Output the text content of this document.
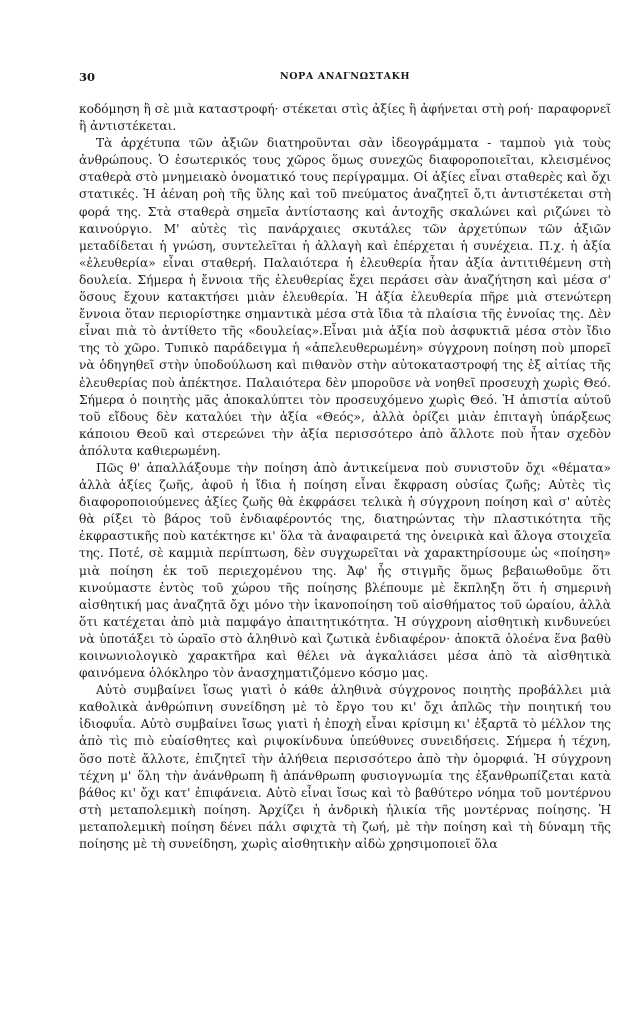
30	ΝΟΡΑ ΑΝΑΓΝΩΣΤΑΚΗ

κοδόμηση ἢ σὲ μιὰ καταστροφή· στέκεται στὶς ἀξίες ἢ ἀφήνεται στὴ ροή· παραφορνεῖ ἢ ἀντιστέκεται.

Τὰ ἀρχέτυπα τῶν ἀξιῶν διατηροῦνται σὰν ἰδεογράμματα - ταμποὺ γιὰ τοὺς ἀνθρώπους. Ὁ ἐσωτερικός τους χῶρος ὅμως συνεχῶς διαφοροποιεῖται, κλεισμένος σταθερὰ στὸ μνημειακὸ ὀνοματικό τους περίγραμμα. Οἱ ἀξίες εἶναι σταθερὲς καὶ ὄχι στατικές. Ἡ ἀέναη ροὴ τῆς ὕλης καὶ τοῦ πνεύματος ἀναζητεῖ ὅ,τι ἀντιστέκεται στὴ φορά της. Στὰ σταθερὰ σημεῖα ἀντίστασης καὶ ἀντοχῆς σκαλώνει καὶ ριζώνει τὸ καινούργιο. Μ' αὐτὲς τὶς πανάρχαιες σκυτάλες τῶν ἀρχετύπων τῶν ἀξιῶν μεταδίδεται ἡ γνώση, συντελεῖται ἡ ἀλλαγὴ καὶ ἐπέρχεται ἡ συνέχεια. Π.χ. ἡ ἀξία «ἐλευθερία» εἶναι σταθερή. Παλαιότερα ἡ ἐλευθερία ἦταν ἀξία ἀντιτιθέμενη στὴ δουλεία. Σήμερα ἡ ἔννοια τῆς ἐλευθερίας ἔχει περάσει σὰν ἀναζήτηση καὶ μέσα σ' ὅσους ἔχουν κατακτήσει μιὰν ἐλευθερία. Ἡ ἀξία ἐλευθερία πῆρε μιὰ στενώτερη ἔννοια ὅταν περιορίστηκε σημαντικὰ μέσα στὰ ἴδια τὰ πλαίσια τῆς ἐννοίας της. Δὲν εἶναι πιὰ τὸ ἀντίθετο τῆς «δουλείας».Εἶναι μιὰ ἀξία ποὺ ἀσφυκτιᾶ μέσα στὸν ἴδιο της τὸ χῶρο. Τυπικὸ παράδειγμα ἡ «ἀπελευθερωμένη» σύγχρονη ποίηση ποὺ μπορεῖ νὰ ὁδηγηθεῖ στὴν ὑποδούλωση καὶ πιθανὸν στὴν αὐτοκαταστροφή της ἐξ αἰτίας τῆς ἐλευθερίας ποὺ ἀπέκτησε. Παλαιότερα δὲν μποροῦσε νὰ νοηθεῖ προσευχὴ χωρὶς Θεό. Σήμερα ὁ ποιητὴς μᾶς ἀποκαλύπτει τὸν προσευχόμενο χωρὶς Θεό. Ἡ ἀπιστία αὐτοῦ τοῦ εἴδους δὲν καταλύει τὴν ἀξία «Θεός», ἀλλὰ ὁρίζει μιὰν ἐπιταγὴ ὑπάρξεως κάποιου Θεοῦ καὶ στερεώνει τὴν ἀξία περισσότερο ἀπὸ ἄλλοτε ποὺ ἦταν σχεδὸν ἀπόλυτα καθιερωμένη.

Πῶς θ' ἀπαλλάξουμε τὴν ποίηση ἀπὸ ἀντικείμενα ποὺ συνιστοῦν ὄχι «θέματα» ἀλλὰ ἀξίες ζωῆς, ἀφοῦ ἡ ἴδια ἡ ποίηση εἶναι ἔκφραση οὐσίας ζωῆς; Αὐτὲς τὶς διαφοροποιούμενες ἀξίες ζωῆς θὰ ἐκφράσει τελικὰ ἡ σύγχρονη ποίηση καὶ σ' αὐτὲς θὰ ρίξει τὸ βάρος τοῦ ἐνδιαφέροντός της, διατηρώντας τὴν πλαστικότητα τῆς ἐκφραστικῆς ποὺ κατέκτησε κι' ὅλα τὰ ἀναφαιρετά της ὀνειρικὰ καὶ ἄλογα στοιχεῖα της. Ποτέ, σὲ καμμιὰ περίπτωση, δὲν συγχωρεῖται νὰ χαρακτηρίσουμε ὡς «ποίηση» μιὰ ποίηση ἐκ τοῦ περιεχομένου της. Ἀφ' ἧς στιγμῆς ὅμως βεβαιωθοῦμε ὅτι κινούμαστε ἐντὸς τοῦ χώρου τῆς ποίησης βλέπουμε μὲ ἔκπληξη ὅτι ἡ σημερινὴ αἰσθητική μας ἀναζητᾶ ὄχι μόνο τὴν ἱκανοποίηση τοῦ αἰσθήματος τοῦ ὡραίου, ἀλλὰ ὅτι κατέχεται ἀπὸ μιὰ παμφάγο ἀπαιτητικότητα. Ἡ σύγχρονη αἰσθητικὴ κινδυνεύει νὰ ὑποτάξει τὸ ὡραῖο στὸ ἀληθινὸ καὶ ζωτικὰ ἐνδιαφέρον· ἀποκτᾶ ὁλοένα ἕνα βαθὺ κοινωνιολογικὸ χαρακτῆρα καὶ θέλει νὰ ἀγκαλιάσει μέσα ἀπὸ τὰ αἰσθητικὰ φαινόμενα ὁλόκληρο τὸν ἀνασχηματιζόμενο κόσμο μας.

Αὐτὸ συμβαίνει ἴσως γιατὶ ὁ κάθε ἀληθινὰ σύγχρονος ποιητὴς προβάλλει μιὰ καθολικὰ ἀνθρώπινη συνείδηση μὲ τὸ ἔργο του κι' ὄχι ἁπλῶς τὴν ποιητική του ἰδιοφυΐα. Αὐτὸ συμβαίνει ἴσως γιατὶ ἡ ἐποχὴ εἶναι κρίσιμη κι' ἐξαρτᾶ τὸ μέλλον της ἀπὸ τὶς πιὸ εὐαίσθητες καὶ ριψοκίνδυνα ὑπεύθυνες συνειδήσεις. Σήμερα ἡ τέχνη, ὅσο ποτὲ ἄλλοτε, ἐπιζητεῖ τὴν ἀλήθεια περισσότερο ἀπὸ τὴν ὀμορφιά. Ἡ σύγχρονη τέχνη μ' ὅλη τὴν ἀνάνθρωπη ἢ ἀπάνθρωπη φυσιογνωμία της ἐξανθρωπίζεται κατὰ βάθος κι' ὄχι κατ' ἐπιφάνεια. Αὐτὸ εἶναι ἴσως καὶ τὸ βαθύτερο νόημα τοῦ μοντέρνου στὴ μεταπολεμικὴ ποίηση. Ἀρχίζει ἡ ἀνδρικὴ ἡλικία τῆς μοντέρνας ποίησης. Ἡ μεταπολεμικὴ ποίηση δένει πάλι σφιχτὰ τὴ ζωή, μὲ τὴν ποίηση καὶ τὴ δύναμη τῆς ποίησης μὲ τὴ συνείδηση, χωρὶς αἰσθητικὴν αἰδὼ χρησιμοποιεῖ ὅλα
